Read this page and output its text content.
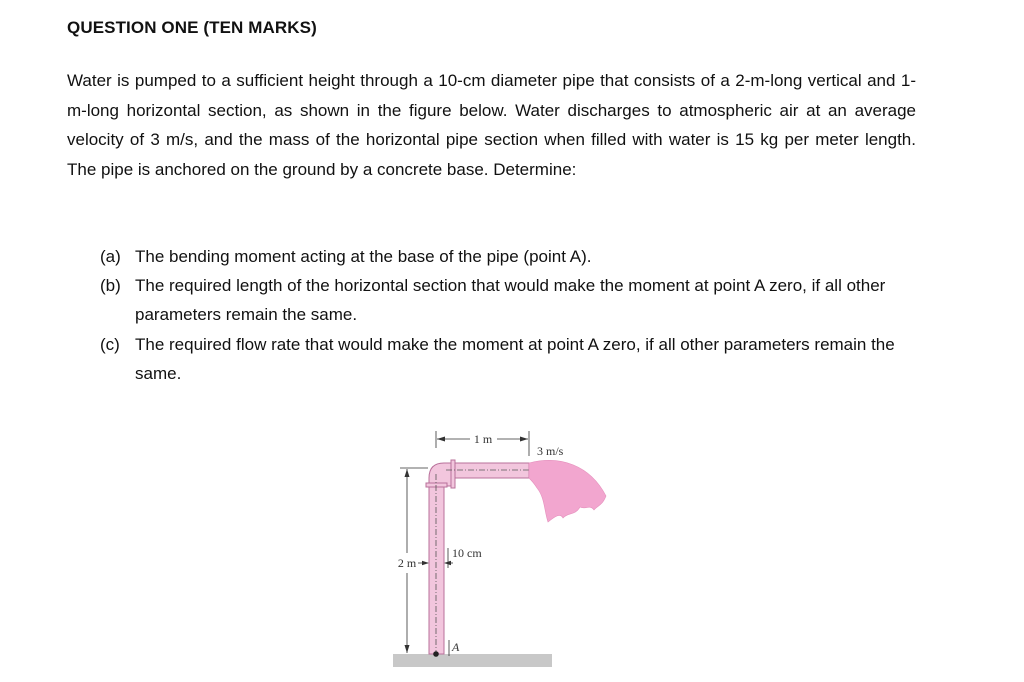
QUESTION ONE (TEN MARKS)

Water is pumped to a sufficient height through a 10-cm diameter pipe that consists of a 2-m-long vertical and 1-m-long horizontal section, as shown in the figure below. Water discharges to atmospheric air at an average velocity of 3 m/s, and the mass of the horizontal pipe section when filled with water is 15 kg per meter length. The pipe is anchored on the ground by a concrete base. Determine:

(a) The bending moment acting at the base of the pipe (point A).
(b) The required length of the horizontal section that would make the moment at point A zero, if all other parameters remain the same.
(c) The required flow rate that would make the moment at point A zero, if all other parameters remain the same.
1 m
3 m/s
2 m
10 cm
A
